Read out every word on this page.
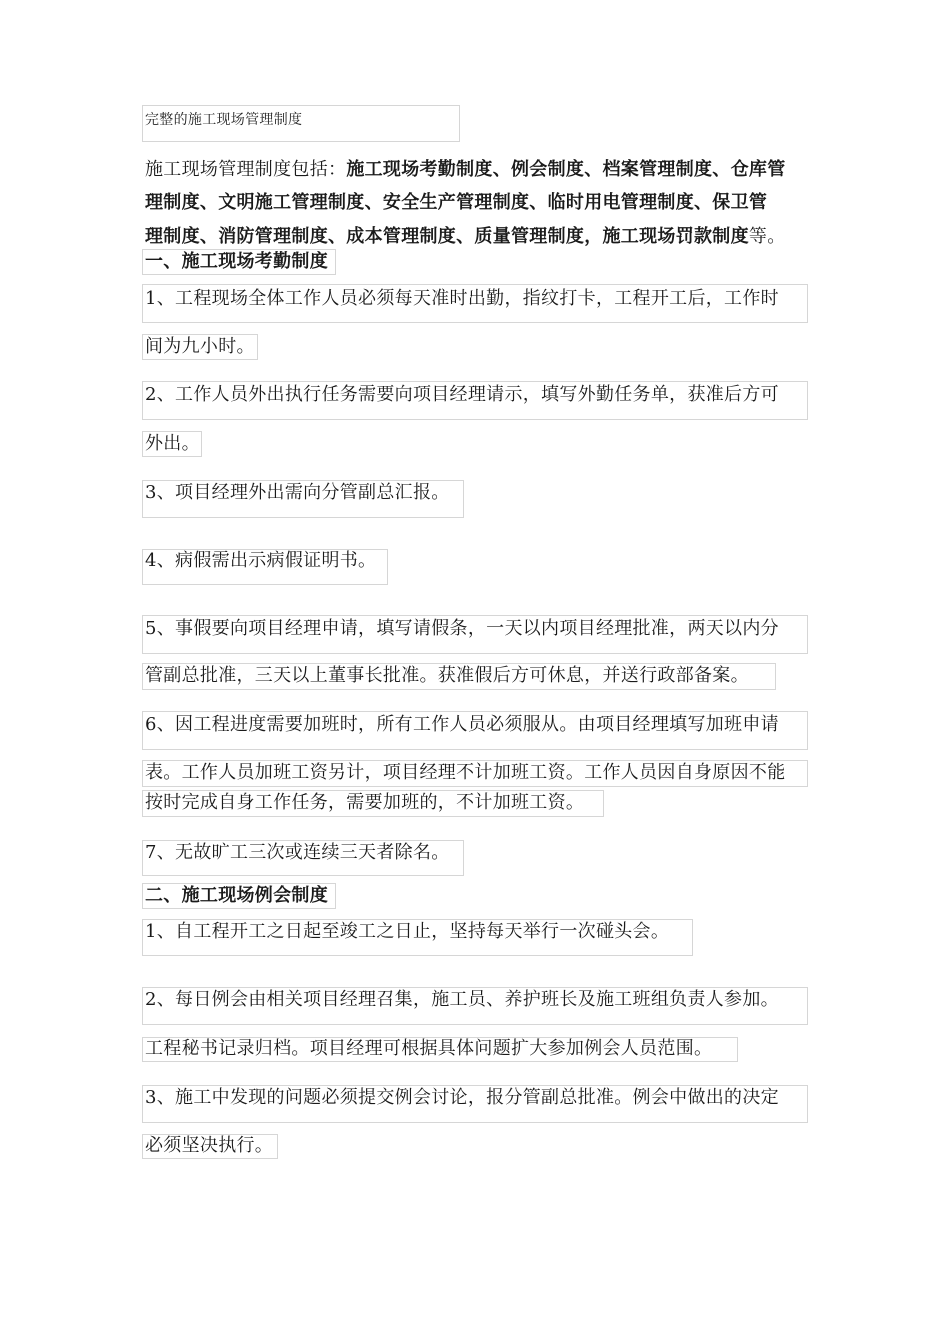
完整的施工现场管理制度
施工现场管理制度包括：施工现场考勤制度、例会制度、档案管理制度、仓库管
理制度、文明施工管理制度、安全生产管理制度、临时用电管理制度、保卫管
理制度、消防管理制度、成本管理制度、质量管理制度，施工现场罚款制度等。
一、施工现场考勤制度
1、工程现场全体工作人员必须每天准时出勤，指纹打卡，工程开工后，工作时
间为九小时。
2、工作人员外出执行任务需要向项目经理请示，填写外勤任务单，获准后方可
外出。
3、项目经理外出需向分管副总汇报。
4、病假需出示病假证明书。
5、事假要向项目经理申请，填写请假条，一天以内项目经理批准，两天以内分
管副总批准，三天以上董事长批准。获准假后方可休息，并送行政部备案。
6、因工程进度需要加班时，所有工作人员必须服从。由项目经理填写加班申请
表。工作人员加班工资另计，项目经理不计加班工资。工作人员因自身原因不能
按时完成自身工作任务，需要加班的，不计加班工资。
7、无故旷工三次或连续三天者除名。
二、施工现场例会制度
1、自工程开工之日起至竣工之日止，坚持每天举行一次碰头会。
2、每日例会由相关项目经理召集，施工员、养护班长及施工班组负责人参加。
工程秘书记录归档。项目经理可根据具体问题扩大参加例会人员范围。
3、施工中发现的问题必须提交例会讨论，报分管副总批准。例会中做出的决定
必须坚决执行。
